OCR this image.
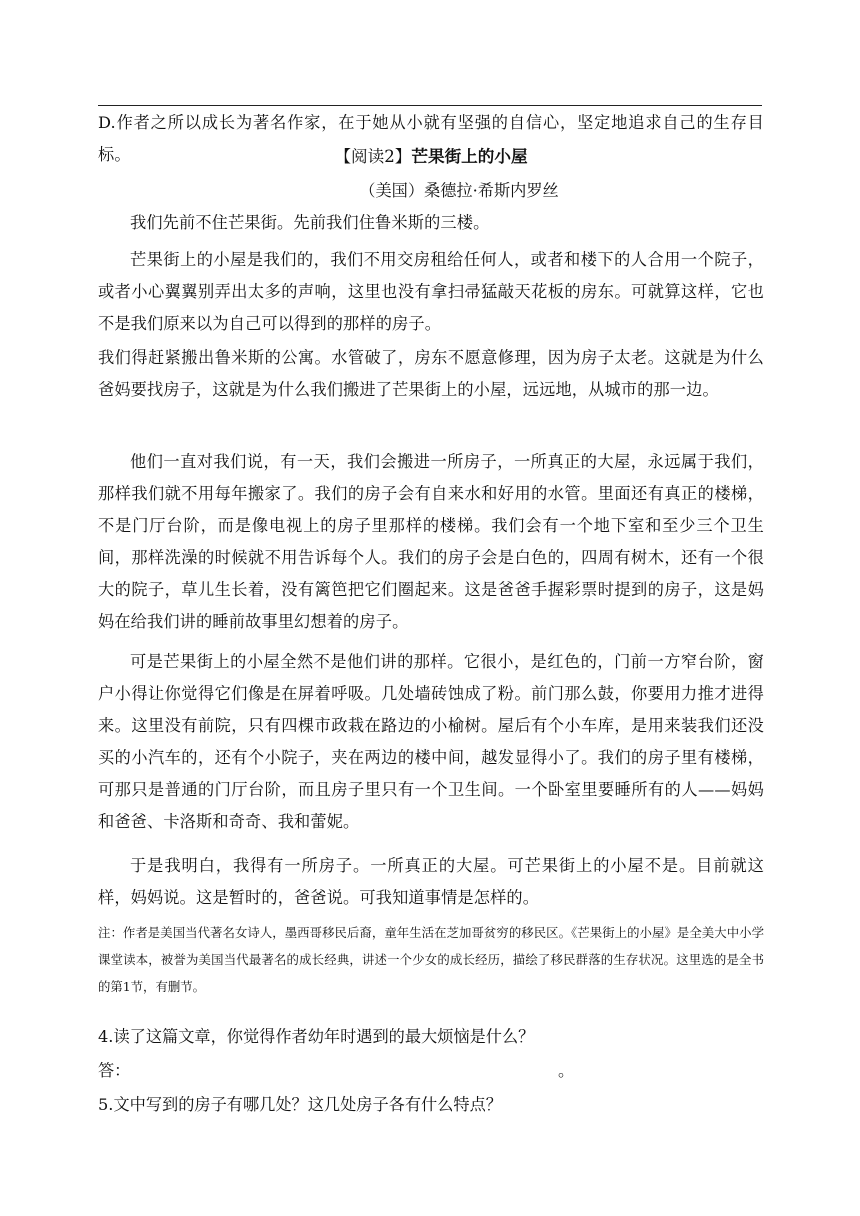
D.作者之所以成长为著名作家，在于她从小就有坚强的自信心，坚定地追求自己的生存目标。	【阅读2】芒果街上的小屋
（美国）桑德拉·希斯内罗丝
我们先前不住芒果街。先前我们住鲁米斯的三楼。
芒果街上的小屋是我们的，我们不用交房租给任何人，或者和楼下的人合用一个院子，或者小心翼翼别弄出太多的声响，这里也没有拿扫帚猛敲天花板的房东。可就算这样，它也不是我们原来以为自己可以得到的那样的房子。
我们得赶紧搬出鲁米斯的公寓。水管破了，房东不愿意修理，因为房子太老。这就是为什么爸妈要找房子，这就是为什么我们搬进了芒果街上的小屋，远远地，从城市的那一边。
他们一直对我们说，有一天，我们会搬进一所房子，一所真正的大屋，永远属于我们，那样我们就不用每年搬家了。我们的房子会有自来水和好用的水管。里面还有真正的楼梯，不是门厅台阶，而是像电视上的房子里那样的楼梯。我们会有一个地下室和至少三个卫生间，那样洗澡的时候就不用告诉每个人。我们的房子会是白色的，四周有树木，还有一个很大的院子，草儿生长着，没有篱笆把它们圈起来。这是爸爸手握彩票时提到的房子，这是妈妈在给我们讲的睡前故事里幻想着的房子。
可是芒果街上的小屋全然不是他们讲的那样。它很小，是红色的，门前一方窄台阶，窗户小得让你觉得它们像是在屏着呼吸。几处墙砖蚀成了粉。前门那么鼓，你要用力推才进得来。这里没有前院，只有四棵市政栽在路边的小榆树。屋后有个小车库，是用来装我们还没买的小汽车的，还有个小院子，夹在两边的楼中间，越发显得小了。我们的房子里有楼梯，可那只是普通的门厅台阶，而且房子里只有一个卫生间。一个卧室里要睡所有的人——妈妈和爸爸、卡洛斯和奇奇、我和蕾妮。
于是我明白，我得有一所房子。一所真正的大屋。可芒果街上的小屋不是。目前就这样，妈妈说。这是暂时的，爸爸说。可我知道事情是怎样的。
注：作者是美国当代著名女诗人，墨西哥移民后裔，童年生活在芝加哥贫穷的移民区。《芒果街上的小屋》是全美大中小学课堂读本，被誉为美国当代最著名的成长经典，讲述一个少女的成长经历，描绘了移民群落的生存状况。这里选的是全书的第1节，有删节。
4.读了这篇文章，你觉得作者幼年时遇到的最大烦恼是什么？
答：	。
5.文中写到的房子有哪几处？这几处房子各有什么特点？
